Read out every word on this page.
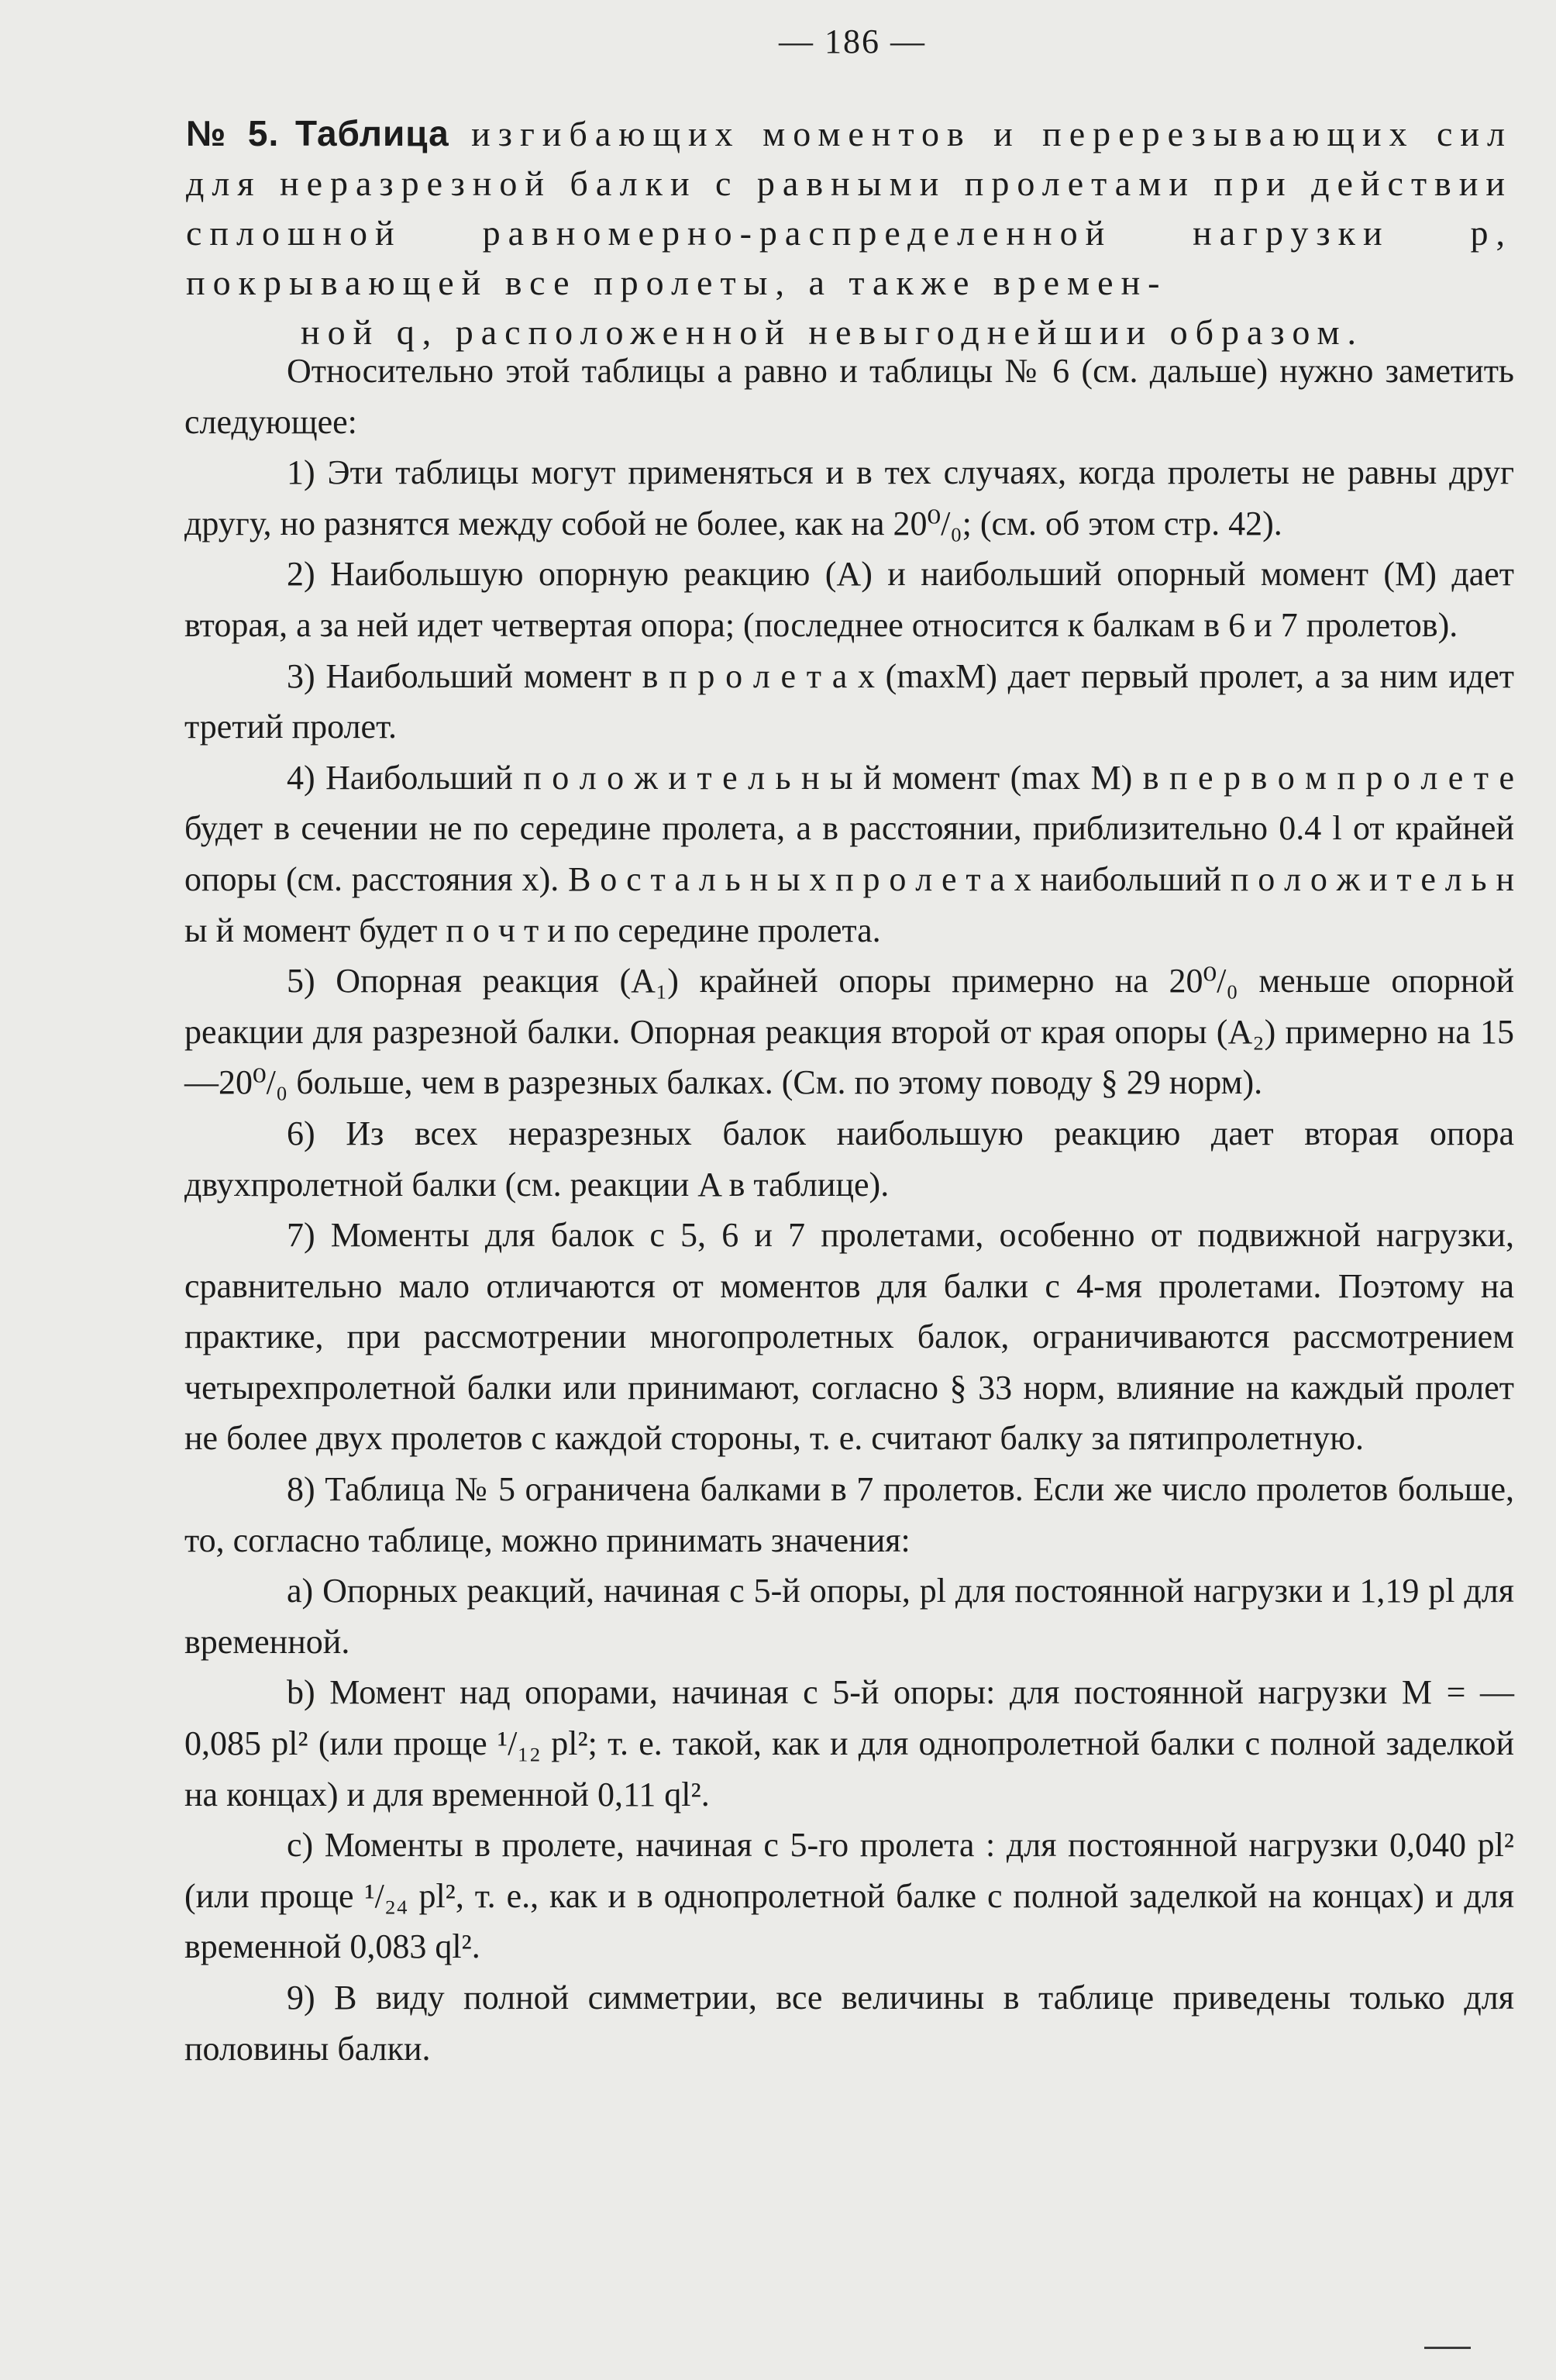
— 186 —
№ 5. Таблица изгибающих моментов и перерезывающих сил для неразрезной балки с равными пролетами при действии сплошной равномерно-распределенной нагрузки p, покрывающей все пролеты, а также времен-
ной q, расположенной невыгоднейшии образом.

Относительно этой таблицы а равно и таблицы № 6 (см. дальше) нужно заметить следующее:

1) Эти таблицы могут применяться и в тех случаях, когда пролеты не равны друг другу, но разнятся между собой не более, как на 20⁰/₀; (см. об этом стр. 42).

2) Наибольшую опорную реакцию (A) и наибольший опорный момент (M) дает вторая, а за ней идет четвертая опора; (последнее относится к балкам в 6 и 7 пролетов).

3) Наибольший момент в п р о л е т а х (maxM) дает первый пролет, а за ним идет третий пролет.

4) Наибольший п о л о ж и т е л ь н ы й момент (max M) в п е р в о м п р о л е т е будет в сечении не по середине пролета, а в расстоянии, приблизительно 0.4 l от крайней опоры (см. расстояния x). В о с т а л ь н ы х п р о л е т а х наибольший п о л о ж и т е л ь н ы й момент будет п о ч т и по середине пролета.

5) Опорная реакция (A₁) крайней опоры примерно на 20⁰/₀ меньше опорной реакции для разрезной балки. Опорная реакция второй от края опоры (A₂) примерно на 15—20⁰/₀ больше, чем в разрезных балках. (См. по этому поводу § 29 норм).

6) Из всех неразрезных балок наибольшую реакцию дает вторая опора двухпролетной балки (см. реакции A в таблице).

7) Моменты для балок с 5, 6 и 7 пролетами, особенно от подвижной нагрузки, сравнительно мало отличаются от моментов для балки с 4-мя пролетами. Поэтому на практике, при рассмотрении многопролетных балок, ограничиваются рассмотрением четырехпролетной балки или принимают, согласно § 33 норм, влияние на каждый пролет не более двух пролетов с каждой стороны, т. е. считают балку за пятипролетную.

8) Таблица № 5 ограничена балками в 7 пролетов. Если же число пролетов больше, то, согласно таблице, можно принимать значения:

a) Опорных реакций, начиная с 5-й опоры, pl для постоянной нагрузки и 1,19 pl для временной.

b) Момент над опорами, начиная с 5-й опоры: для постоянной нагрузки M = — 0,085 pl² (или проще ¹/₁₂ pl²; т. е. такой, как и для однопролетной балки с полной заделкой на концах) и для временной 0,11 ql².

c) Моменты в пролете, начиная с 5-го пролета : для постоянной нагрузки 0,040 pl² (или проще ¹/₂₄ pl², т. е., как и в однопролетной балке с полной заделкой на концах) и для временной 0,083 ql².

9) В виду полной симметрии, все величины в таблице приведены только для половины балки.
